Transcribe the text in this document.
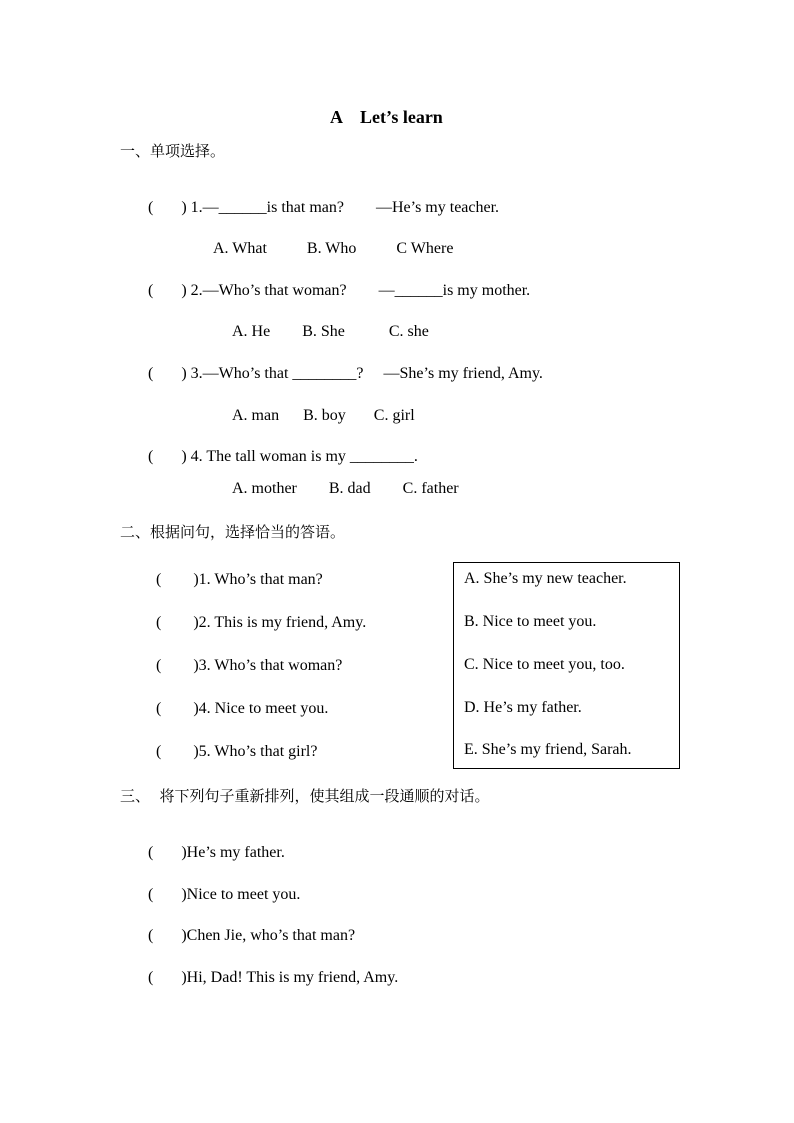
A    Let’s learn
一、单项选择。
(       ) 1.—______is that man?        —He’s my teacher.
A. What          B. Who          C Where
(       ) 2.—Who’s that woman?        —______is my mother.
A. He        B. She           C. she
(       ) 3.—Who’s that ________?     —She’s my friend, Amy.
A. man      B. boy       C. girl
(       ) 4. The tall woman is my ________.
A. mother        B. dad        C. father
二、根据问句，选择恰当的答语。
(        )1. Who’s that man?
(        )2. This is my friend, Amy.
(        )3. Who’s that woman?
(        )4. Nice to meet you.
(        )5. Who’s that girl?
A. She’s my new teacher.
B. Nice to meet you.
C. Nice to meet you, too.
D. He’s my father.
E. She’s my friend, Sarah.
三、  将下列句子重新排列，使其组成一段通顺的对话。
(       )He’s my father.
(       )Nice to meet you.
(       )Chen Jie, who’s that man?
(       )Hi, Dad! This is my friend, Amy.
